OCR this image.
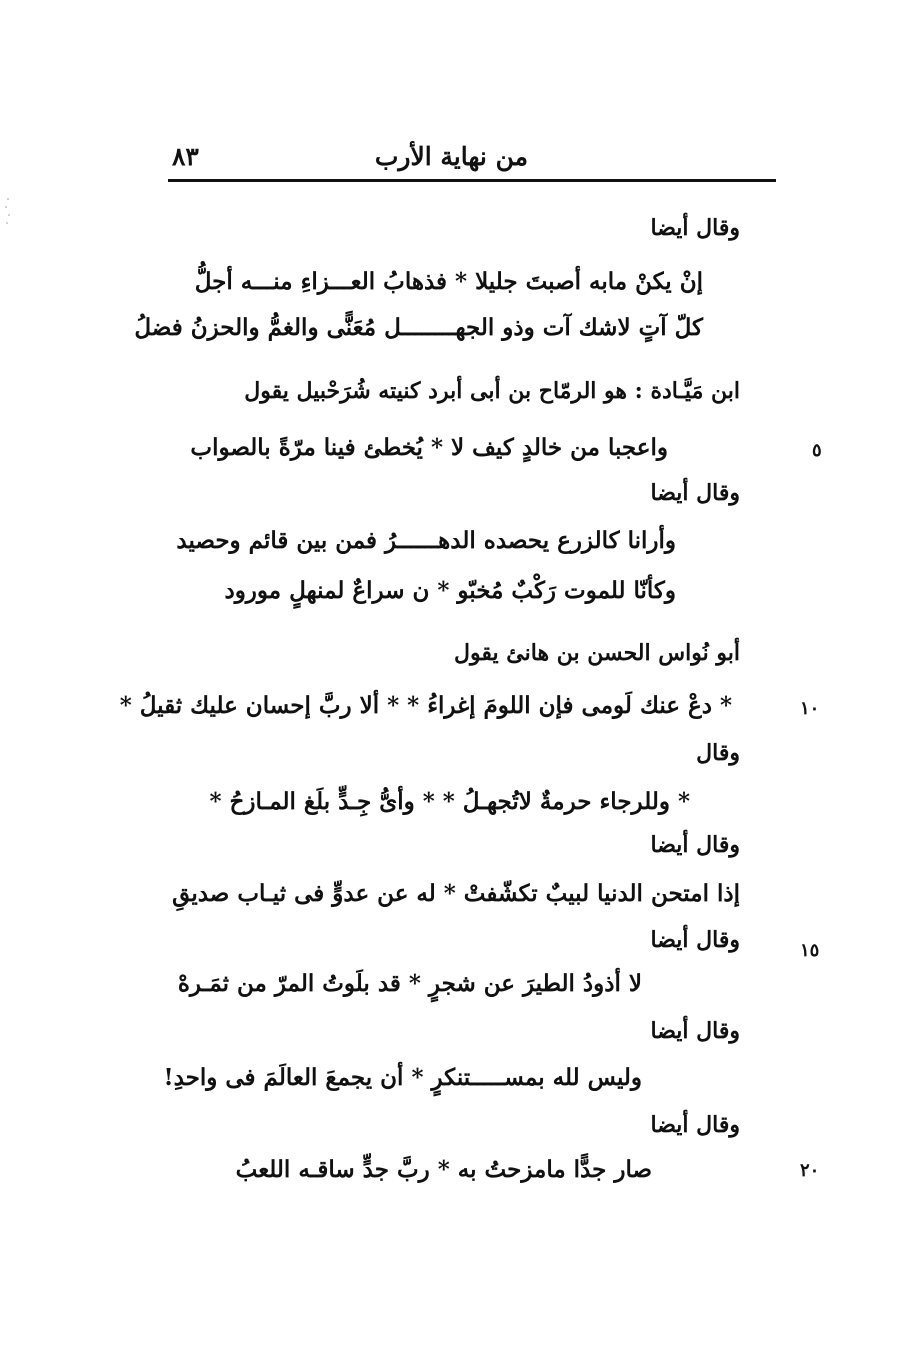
من نهاية الأرب
٨٣
وقال أيضا
إنْ يكنْ مابه أصبتَ جليلا * فذهابُ العـــزاءِ منـــه أجلُّ
كلّ آتٍ لاشك آت وذو الجهــــــــل مُعَنًّى والغمُّ والحزنُ فضلُ
ابن مَيَّـادة : هو الرمّاح بن أبى أبرد كنيته شُرَحْبيل يقول
واعجبا من خالدٍ كيف لا * يُخطئ فينا مرّةً بالصواب
وقال أيضا
وأرانا كالزرع يحصده الدهــــــرُ فمن بين قائم وحصيد
وكأنّا للموت رَكْبٌ مُخبّو * ن سراعٌ لمنهلٍ مورود
أبو نُواس الحسن بن هانئ يقول
* دعْ عنك لَومى فإن اللومَ إغراءُ * * ألا ربَّ إحسان عليك ثقيلُ *
وقال
* وللرجاء حرمةٌ لاتُجهـلُ * * وأىُّ جِـدٍّ بلَغ المـازحُ *
وقال أيضا
إذا امتحن الدنيا لبيبٌ تكشّفتْ * له عن عدوٍّ فى ثيـاب صديقِ
وقال أيضا
لا أذودُ الطيرَ عن شجرٍ * قد بلَوتُ المرّ من ثمَـرهْ
وقال أيضا
وليس لله بمســـــتنكرٍ * أن يجمعَ العالَمَ فى واحدِ!
وقال أيضا
صار جدًّا مامزحتُ به * ربَّ جدٍّ ساقـه اللعبُ
٥
١٠
١٥
٢٠
